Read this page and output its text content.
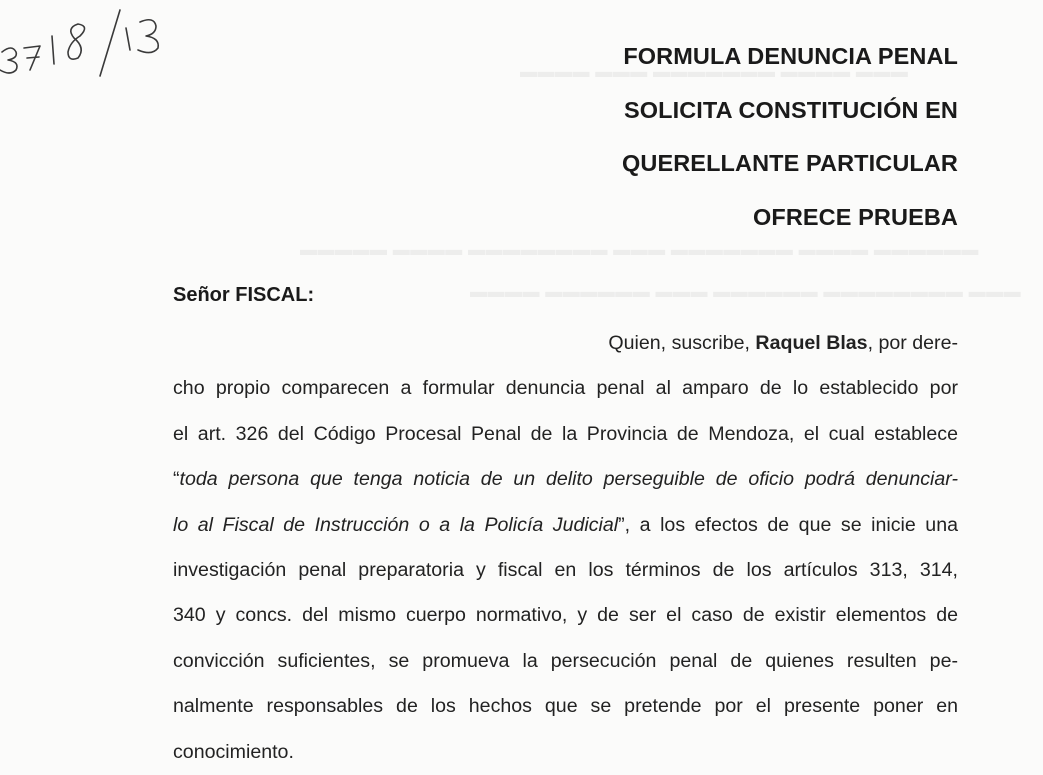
▬▬▬▬ ▬▬▬ ▬▬▬▬▬▬▬ ▬▬▬▬ ▬▬▬
▬▬▬▬▬ ▬▬▬▬ ▬▬▬▬▬▬▬▬ ▬▬▬ ▬▬▬▬▬▬▬ ▬▬▬▬ ▬▬▬▬▬▬
▬▬▬▬ ▬▬▬▬▬▬ ▬▬▬ ▬▬▬▬▬▬ ▬▬▬▬▬▬▬▬ ▬▬▬
FORMULA DENUNCIA PENAL
SOLICITA CONSTITUCIÓN EN
QUERELLANTE PARTICULAR
OFRECE PRUEBA
Señor FISCAL:
Quien, suscribe, Raquel Blas, por dere-
cho propio comparecen a formular denuncia penal al amparo de lo establecido por
el art. 326 del Código Procesal Penal de la Provincia de Mendoza, el cual establece
“toda persona que tenga noticia de un delito perseguible de oficio podrá denunciar-
lo al Fiscal de Instrucción o a la Policía Judicial”, a los efectos de que se inicie una
investigación penal preparatoria y fiscal en los términos de los artículos 313, 314,
340 y concs. del mismo cuerpo normativo, y de ser el caso de existir elementos de
convicción suficientes, se promueva la persecución penal de quienes resulten pe-
nalmente responsables de los hechos que se pretende por el presente poner en
conocimiento.
